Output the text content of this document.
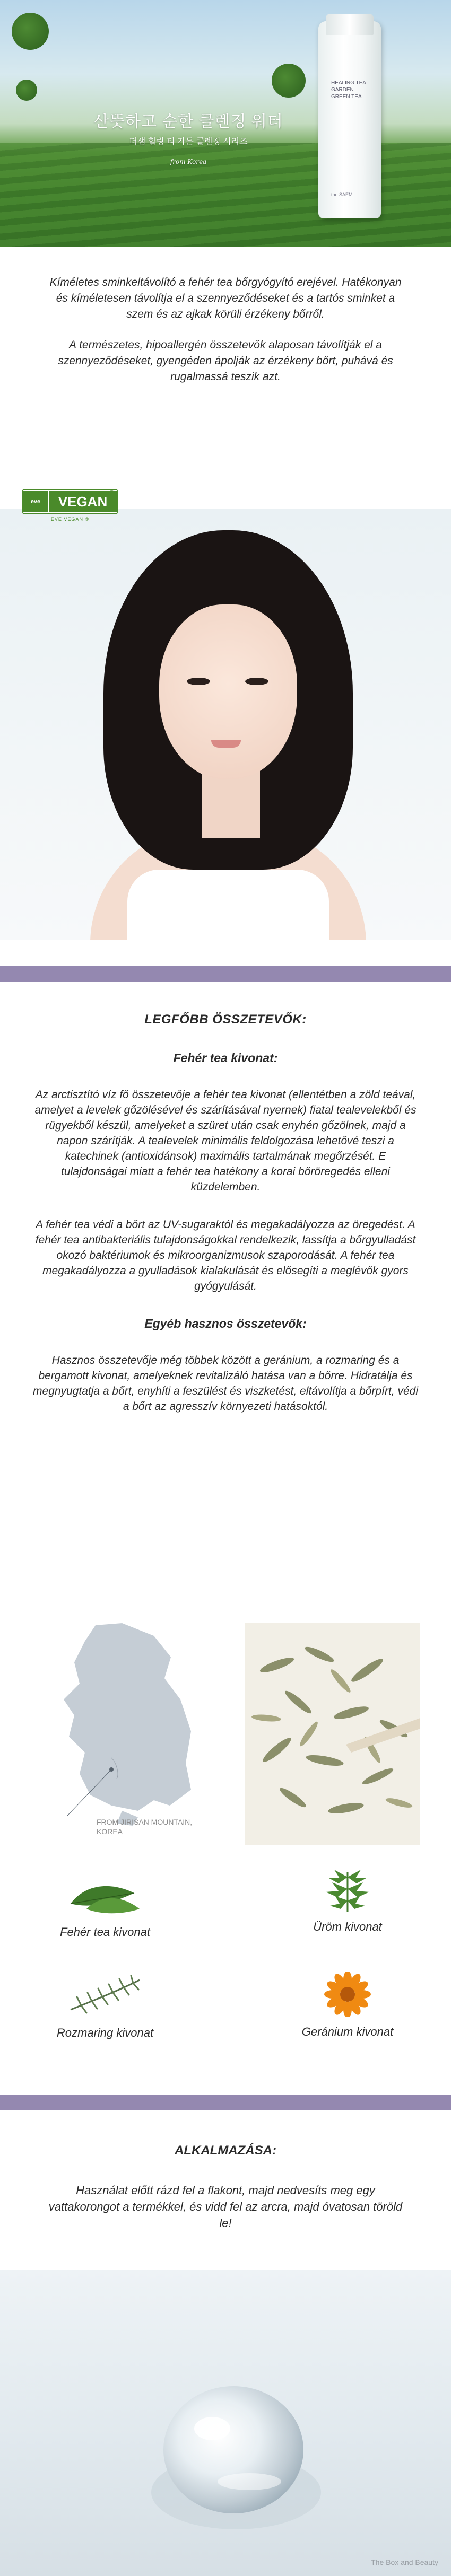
HEALING TEA GARDEN
GREEN TEA
the SAEM
산뜻하고 순한 클렌징 워터
더샘 힐링 티 가든 클렌징 시리즈
from Korea

Kíméletes sminkeltávolító a fehér tea bőrgyógyító erejével. Hatékonyan és kíméletesen távolítja el a szennyeződéseket és a tartós sminket a szem és az ajkak körüli érzékeny bőrről.

A természetes, hipoallergén összetevők alaposan távolítják el a szennyeződéseket, gyengéden ápolják az érzékeny bőrt, puhává és rugalmassá teszik azt.

eve	VEGAN
®
EVE VEGAN ®
LEGFŐBB ÖSSZETEVŐK:
Fehér tea kivonat:

Az arctisztító víz fő összetevője a fehér tea kivonat (ellentétben a zöld teával, amelyet a levelek gőzölésével és szárításával nyernek) fiatal tealevelekből és rügyekből készül, amelyeket a szüret után csak enyhén gőzölnek, majd a napon szárítják. A tealevelek minimális feldolgozása lehetővé teszi a katechinek (antioxidánsok) maximális tartalmának megőrzését. E tulajdonságai miatt a fehér tea hatékony a korai bőröregedés elleni küzdelemben.

A fehér tea védi a bőrt az UV-sugaraktól és megakadályozza az öregedést. A fehér tea antibakteriális tulajdonságokkal rendelkezik, lassítja a bőrgyulladást okozó baktériumok és mikroorganizmusok szaporodását. A fehér tea megakadályozza a gyulladások kialakulását és elősegíti a meglévők gyors gyógyulását.

Egyéb hasznos összetevők:

Hasznos összetevője még többek között a geránium, a rozmaring és a bergamott kivonat, amelyeknek revitalizáló hatása van a bőrre. Hidratálja és megnyugtatja a bőrt, enyhíti a feszülést és viszketést, eltávolítja a bőrpírt, védi a bőrt az agresszív környezeti hatásoktól.

FROM JIRISAN MOUNTAIN,
KOREA
Fehér tea kivonat	Üröm kivonat
Rozmaring kivonat	Geránium kivonat
ALKALMAZÁSA:

Használat előtt rázd fel a flakont, majd nedvesíts meg egy vattakorongot a termékkel, és vidd fel az arcra, majd óvatosan töröld le!

The Box and Beauty
